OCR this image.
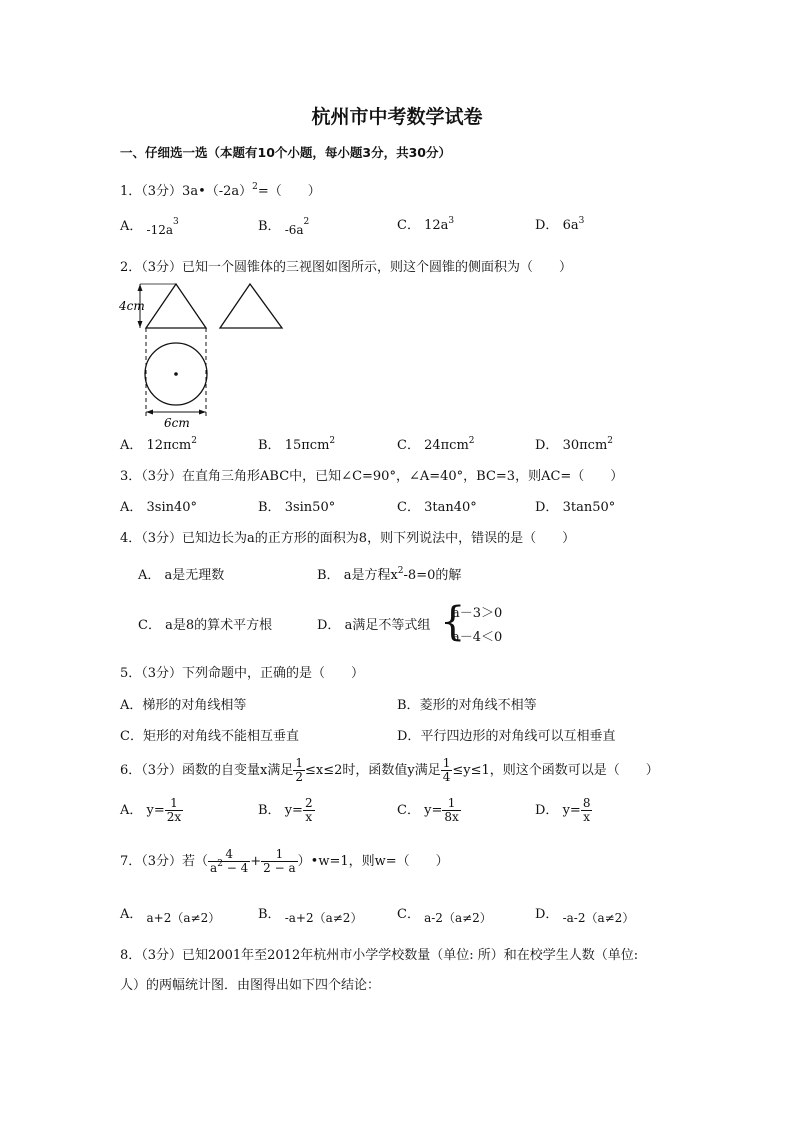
杭州市中考数学试卷
一、仔细选一选（本题有10个小题，每小题3分，共30分）
1．（3分）$3a•(-2a)^2=$（　　）
A． $-12a^3$	B． $-6a^2$	C． $12a^3$	D． $6a^3$
2．（3分）已知一个圆锥体的三视图如图所示，则这个圆锥的侧面积为（　　）
4cm
6cm
A． 12πcm$^2$	B． 15πcm$^2$	C． 24πcm$^2$	D． 30πcm$^2$
3．（3分）在直角三角形ABC中，已知∠C=90°，∠A=40°，BC=3，则AC=（　　）
A． 3sin40°	B． 3sin50°	C． 3tan40°	D． 3tan50°
4．（3分）已知边长为a的正方形的面积为8，则下列说法中，错误的是（　　）
A． a是无理数	B． a是方程$x^2-8=0$的解
C． a是8的算术平方根	D． a满足不等式组 {
a－3＞0
a－4＜0
5．（3分）下列命题中，正确的是（　　）
A．梯形的对角线相等	B．菱形的对角线不相等
C．矩形的对角线不能相互垂直	D．平行四边形的对角线可以互相垂直
6．（3分）函数的自变量x满足 $\frac{1}{2} \le x\le 2$时，函数值y满足 $\frac{1}{4} \le y\le 1$，则这个函数可以是（　　）
A． $y= \frac{1}{2x}$	B． $y= \frac{2}{x}$	C． $y= \frac{1}{8x}$	D． $y= \frac{8}{x}$
7．（3分）若（ $\frac{4}{a^2 - 4} + \frac{1}{2 - a}$ ）•w=1，则w=（　　）
A． a+2（a≠2）	B． -a+2（a≠2）	C． a-2（a≠2）	D． -a-2（a≠2）
8．（3分）已知2001年至2012年杭州市小学学校数量（单位: 所）和在校学生人数（单位:
人）的两幅统计图．由图得出如下四个结论：
